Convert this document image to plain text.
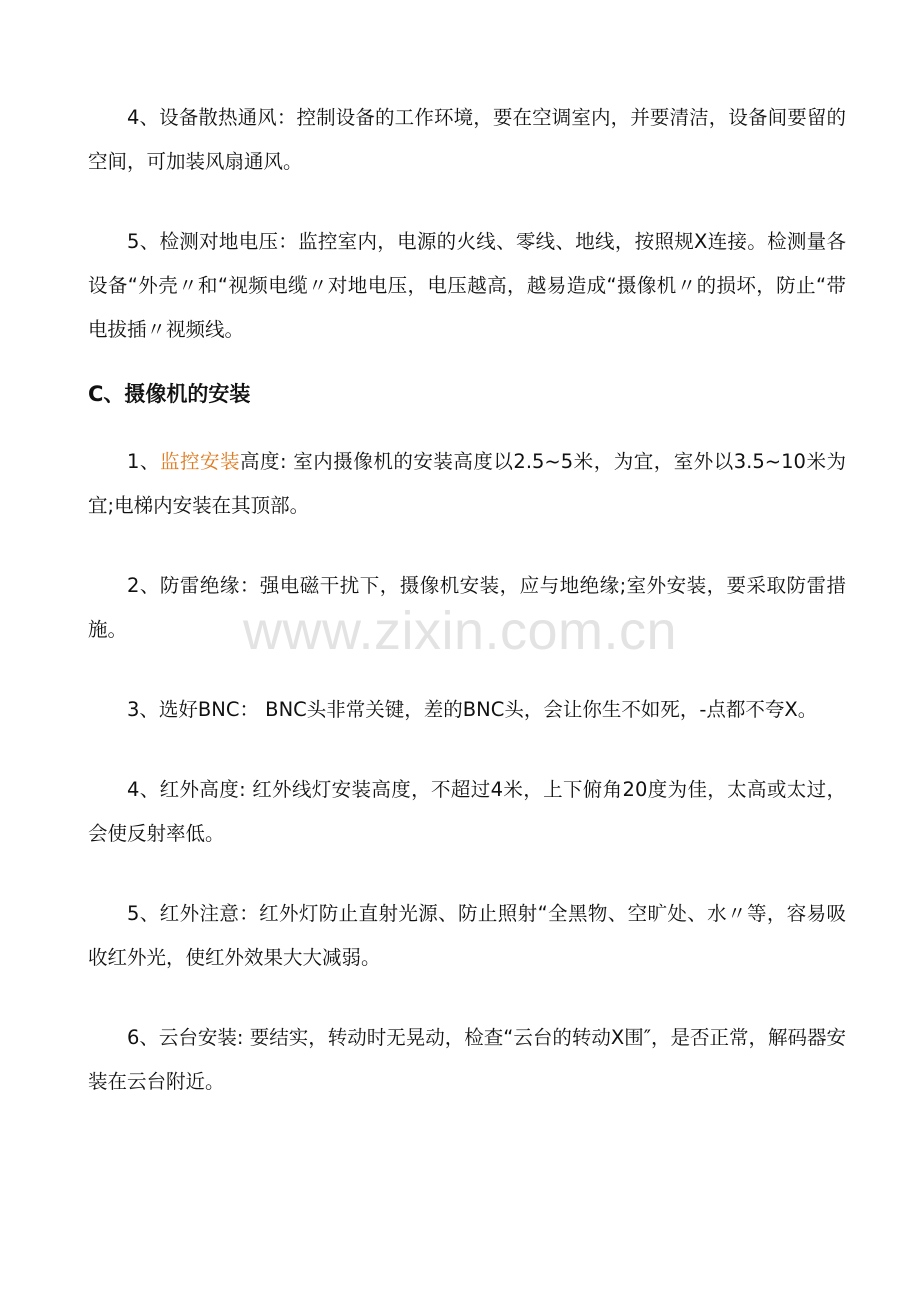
4、设备散热通风：控制设备的工作环境，要在空调室内，并要清洁，设备间要留的空间，可加装风扇通风。

5、检测对地电压：监控室内，电源的火线、零线、地线，按照规X连接。检测量各设备“外壳〃和“视频电缆〃对地电压，电压越高，越易造成“摄像机〃的损坏，防止“带电拔插〃视频线。

C、摄像机的安装

1、监控安装高度: 室内摄像机的安装高度以2.5~5米，为宜，室外以3.5~10米为宜;电梯内安装在其顶部。

2、防雷绝缘：强电磁干扰下，摄像机安装，应与地绝缘;室外安装，要采取防雷措施。

3、选好BNC： BNC头非常关键，差的BNC头，会让你生不如死，-点都不夸X。

4、红外高度: 红外线灯安装高度，不超过4米，上下俯角20度为佳，太高或太过，会使反射率低。

5、红外注意：红外灯防止直射光源、防止照射“全黑物、空旷处、水〃等，容易吸收红外光，使红外效果大大减弱。

6、云台安装: 要结实，转动时无晃动，检查“云台的转动X围″，是否正常，解码器安装在云台附近。

www.zixin.com.cn
